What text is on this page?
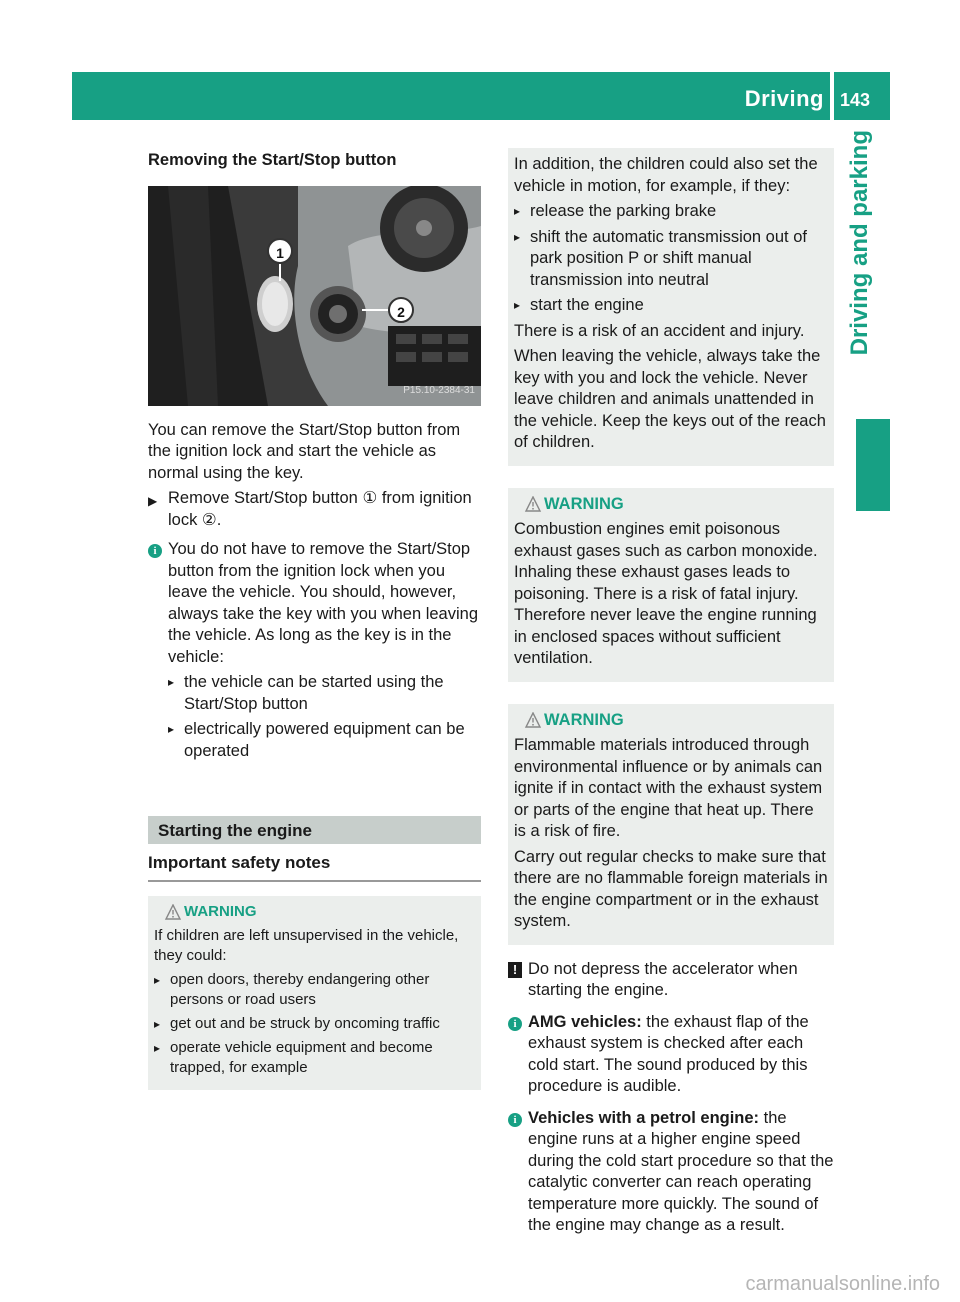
Driving 143
Driving and parking
Removing the Start/Stop button
1
2
P15.10-2384-31

You can remove the Start/Stop button from the ignition lock and start the vehicle as normal using the key.

▶ Remove Start/Stop button ① from ignition lock ②.
i You do not have to remove the Start/Stop button from the ignition lock when you leave the vehicle. You should, however, always take the key with you when leaving the vehicle. As long as the key is in the vehicle:

▸ the vehicle can be started using the Start/Stop button
▸ electrically powered equipment can be operated
Starting the engine
Important safety notes
WARNING

If children are left unsupervised in the vehicle, they could:

▸ open doors, thereby endangering other persons or road users
▸ get out and be struck by oncoming traffic
▸ operate vehicle equipment and become trapped, for example

In addition, the children could also set the vehicle in motion, for example, if they:

▸ release the parking brake
▸ shift the automatic transmission out of park position P or shift manual transmission into neutral
▸ start the engine

There is a risk of an accident and injury.

When leaving the vehicle, always take the key with you and lock the vehicle. Never leave children and animals unattended in the vehicle. Keep the keys out of the reach of children.

WARNING

Combustion engines emit poisonous exhaust gases such as carbon monoxide. Inhaling these exhaust gases leads to poisoning. There is a risk of fatal injury. Therefore never leave the engine running in enclosed spaces without sufficient ventilation.

WARNING

Flammable materials introduced through environmental influence or by animals can ignite if in contact with the exhaust system or parts of the engine that heat up. There is a risk of fire.

Carry out regular checks to make sure that there are no flammable foreign materials in the engine compartment or in the exhaust system.

! Do not depress the accelerator when starting the engine.

i AMG vehicles: the exhaust flap of the exhaust system is checked after each cold start. The sound produced by this procedure is audible.

i Vehicles with a petrol engine: the engine runs at a higher engine speed during the cold start procedure so that the catalytic converter can reach operating temperature more quickly. The sound of the engine may change as a result.

carmanualsonline.info
